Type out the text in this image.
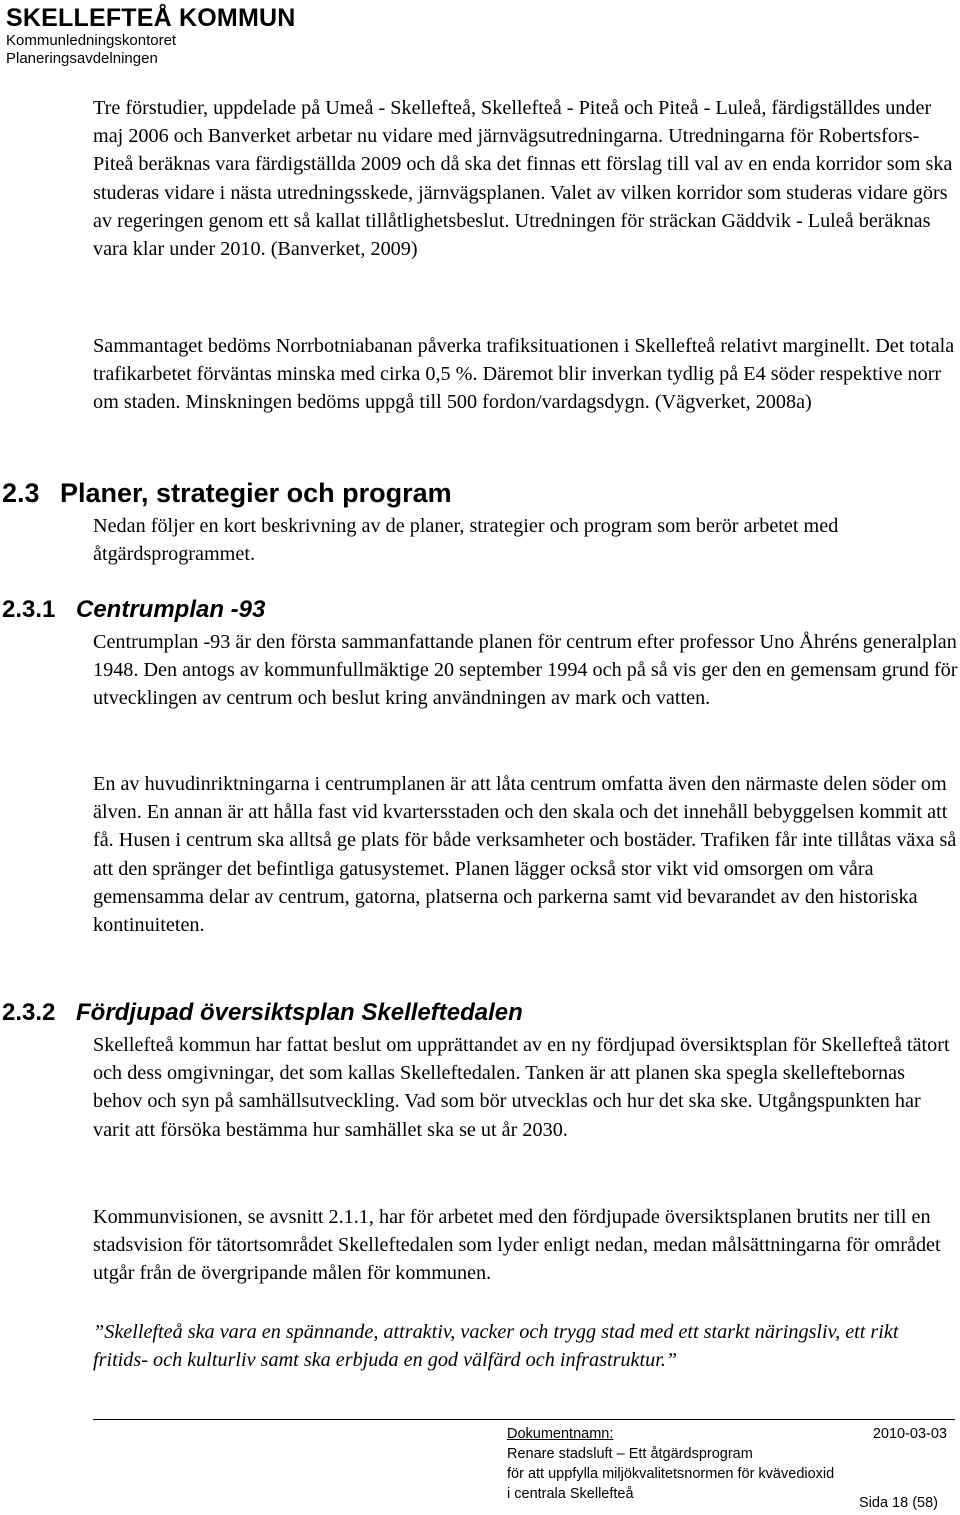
SKELLEFTEÅ KOMMUN
Kommunledningskontoret
Planeringsavdelningen

Tre förstudier, uppdelade på Umeå - Skellefteå, Skellefteå - Piteå och Piteå - Luleå, färdigställdes under maj 2006 och Banverket arbetar nu vidare med järnvägsutredningarna. Utredningarna för Robertsfors-Piteå beräknas vara färdigställda 2009 och då ska det finnas ett förslag till val av en enda korridor som ska studeras vidare i nästa utredningsskede, järnvägsplanen. Valet av vilken korridor som studeras vidare görs av regeringen genom ett så kallat tillåtlighetsbeslut. Utredningen för sträckan Gäddvik - Luleå beräknas vara klar under 2010. (Banverket, 2009)

Sammantaget bedöms Norrbotniabanan påverka trafiksituationen i Skellefteå relativt marginellt. Det totala trafikarbetet förväntas minska med cirka 0,5 %. Däremot blir inverkan tydlig på E4 söder respektive norr om staden. Minskningen bedöms uppgå till 500 fordon/vardagsdygn. (Vägverket, 2008a)

2.3 Planer, strategier och program

Nedan följer en kort beskrivning av de planer, strategier och program som berör arbetet med åtgärdsprogrammet.

2.3.1 Centrumplan -93

Centrumplan -93 är den första sammanfattande planen för centrum efter professor Uno Åhréns generalplan 1948. Den antogs av kommunfullmäktige 20 september 1994 och på så vis ger den en gemensam grund för utvecklingen av centrum och beslut kring användningen av mark och vatten.

En av huvudinriktningarna i centrumplanen är att låta centrum omfatta även den närmaste delen söder om älven. En annan är att hålla fast vid kvartersstaden och den skala och det innehåll bebyggelsen kommit att få. Husen i centrum ska alltså ge plats för både verksamheter och bostäder. Trafiken får inte tillåtas växa så att den spränger det befintliga gatusystemet. Planen lägger också stor vikt vid omsorgen om våra gemensamma delar av centrum, gatorna, platserna och parkerna samt vid bevarandet av den historiska kontinuiteten.

2.3.2 Fördjupad översiktsplan Skelleftedalen

Skellefteå kommun har fattat beslut om upprättandet av en ny fördjupad översiktsplan för Skellefteå tätort och dess omgivningar, det som kallas Skelleftedalen. Tanken är att planen ska spegla skelleftebornas behov och syn på samhällsutveckling. Vad som bör utvecklas och hur det ska ske. Utgångspunkten har varit att försöka bestämma hur samhället ska se ut år 2030.

Kommunvisionen, se avsnitt 2.1.1, har för arbetet med den fördjupade översiktsplanen brutits ner till en stadsvision för tätortsområdet Skelleftedalen som lyder enligt nedan, medan målsättningarna för området utgår från de övergripande målen för kommunen.

”Skellefteå ska vara en spännande, attraktiv, vacker och trygg stad med ett starkt näringsliv, ett rikt fritids- och kulturliv samt ska erbjuda en god välfärd och infrastruktur.”

Dokumentnamn:	2010-03-03
Renare stadsluft – Ett åtgärdsprogram
för att uppfylla miljökvalitetsnormen för kvävedioxid
i centrala Skellefteå
Sida 18 (58)
